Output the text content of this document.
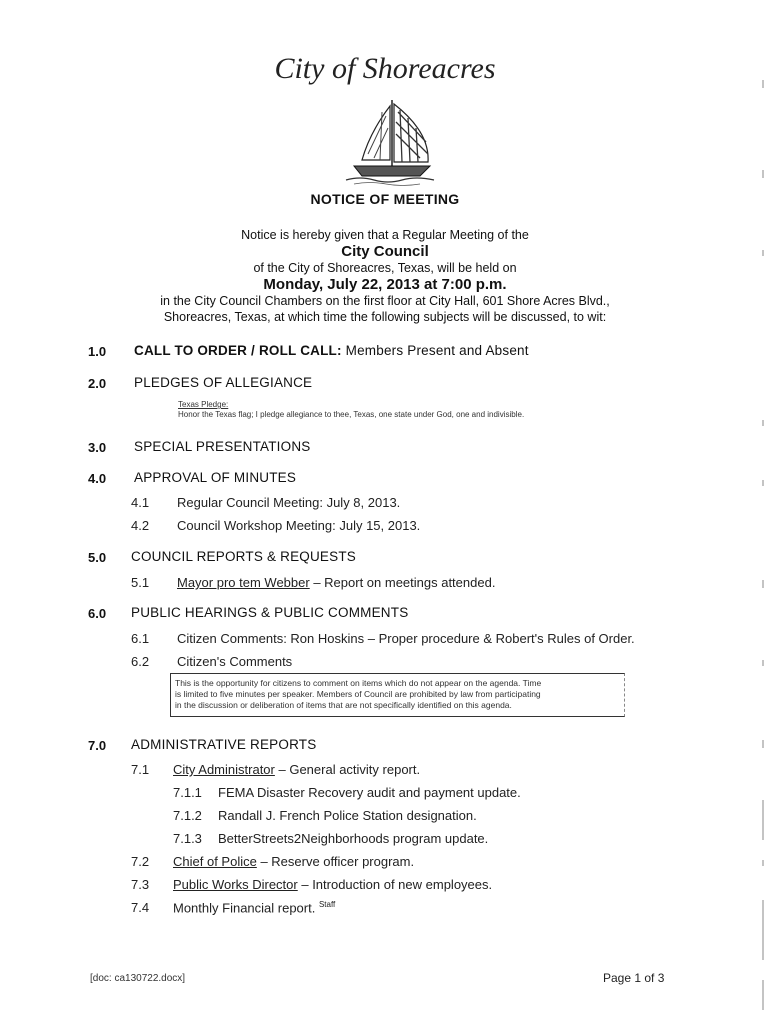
City of Shoreacres
NOTICE OF MEETING
Notice is hereby given that a Regular Meeting of the
City Council
of the City of Shoreacres, Texas, will be held on
Monday, July 22, 2013 at 7:00 p.m.
in the City Council Chambers on the first floor at City Hall, 601 Shore Acres Blvd.,
Shoreacres, Texas, at which time the following subjects will be discussed, to wit:
1.0 CALL TO ORDER / ROLL CALL: Members Present and Absent
2.0 PLEDGES OF ALLEGIANCE
Texas Pledge:
Honor the Texas flag; I pledge allegiance to thee, Texas, one state under God, one and indivisible.
3.0 SPECIAL PRESENTATIONS
4.0 APPROVAL OF MINUTES
4.1 Regular Council Meeting: July 8, 2013.
4.2 Council Workshop Meeting: July 15, 2013.
5.0 COUNCIL REPORTS & REQUESTS
5.1 Mayor pro tem Webber – Report on meetings attended.
6.0 PUBLIC HEARINGS & PUBLIC COMMENTS
6.1 Citizen Comments: Ron Hoskins – Proper procedure & Robert's Rules of Order.
6.2 Citizen's Comments
This is the opportunity for citizens to comment on items which do not appear on the agenda. Time
is limited to five minutes per speaker. Members of Council are prohibited by law from participating
in the discussion or deliberation of items that are not specifically identified on this agenda.
7.0 ADMINISTRATIVE REPORTS
7.1 City Administrator – General activity report.
7.1.1 FEMA Disaster Recovery audit and payment update.
7.1.2 Randall J. French Police Station designation.
7.1.3 BetterStreets2Neighborhoods program update.
7.2 Chief of Police – Reserve officer program.
7.3 Public Works Director – Introduction of new employees.
7.4 Monthly Financial report. $^{Staff}$
[doc: ca130722.docx]	Page 1 of 3
